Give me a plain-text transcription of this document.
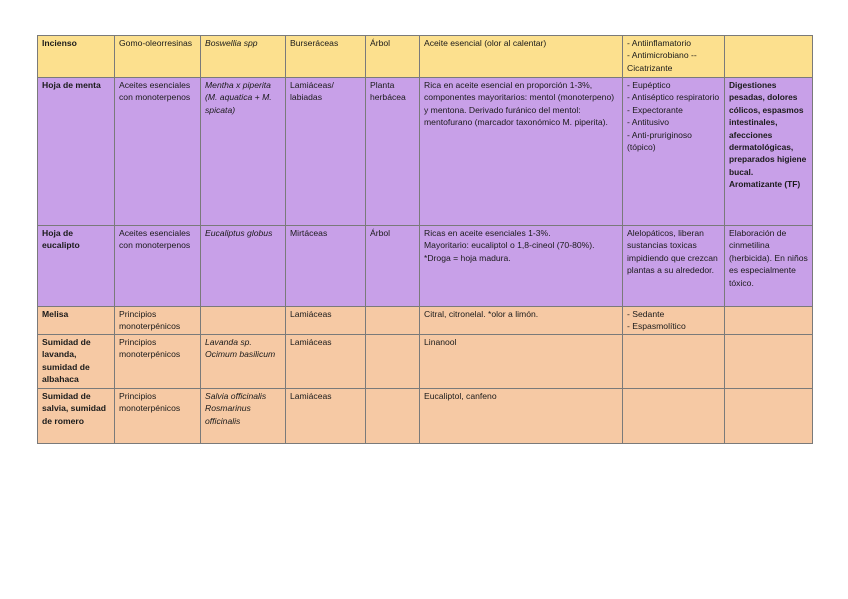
Incienso	Gomo-oleorresinas	Boswellia spp	Burseráceas	Árbol	Aceite esencial (olor al calentar)	- Antiinflamatorio
- Antimicrobiano -- Cicatrizante	

Hoja de menta	Aceites esenciales con monoterpenos	Mentha x piperita (M. aquatica + M. spicata)	Lamiáceas/ labiadas	Planta herbácea	Rica en aceite esencial en proporción 1-3%, componentes mayoritarios: mentol (monoterpeno) y mentona. Derivado furánico del mentol: mentofurano (marcador taxonómico M. piperita).	- Eupéptico
- Antiséptico respiratorio
- Expectorante
- Antitusivo
- Anti-pruriginoso (tópico)	Digestiones pesadas, dolores cólicos, espasmos intestinales, afecciones dermatológicas, preparados higiene bucal. Aromatizante (TF)
Hoja de eucalipto	Aceites esenciales con monoterpenos	Eucaliptus globus	Mirtáceas	Árbol	Ricas en aceite esenciales 1-3%.
Mayoritario: eucaliptol o 1,8-cineol (70-80%).
*Droga = hoja madura.	Alelopáticos, liberan sustancias toxicas impidiendo que crezcan plantas a su alrededor.	Elaboración de cinmetilina (herbicida). En niños es especialmente tóxico.
Melisa	Principios monoterpénicos		Lamiáceas		Citral, citronelal. *olor a limón.	- Sedante
- Espasmolítico	

Sumidad de lavanda, sumidad de albahaca	Principios monoterpénicos	Lavanda sp.
Ocimum basilicum	Lamiáceas		Linanool	

Sumidad de salvia, sumidad de romero	Principios monoterpénicos	Salvia officinalis
Rosmarinus officinalis	Lamiáceas		Eucaliptol, canfeno	
